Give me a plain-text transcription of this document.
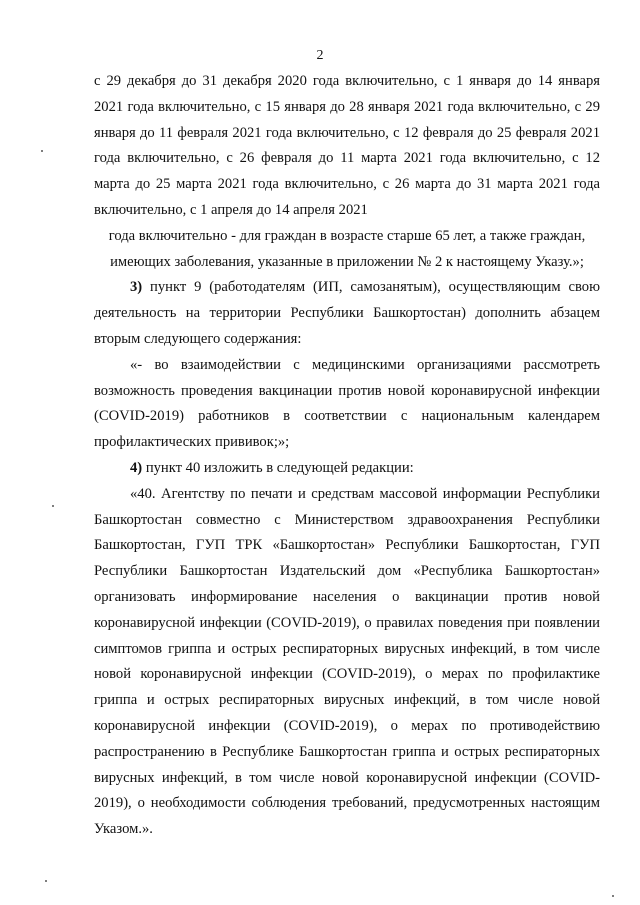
2

с 29 декабря до 31 декабря 2020 года включительно, с 1 января до 14 января 2021 года включительно, с 15 января до 28 января 2021 года включительно, с 29 января до 11 февраля 2021 года включительно, с 12 февраля до 25 февраля 2021 года включительно, с 26 февраля до 11 марта 2021 года включительно, с 12 марта до 25 марта 2021 года включительно, с 26 марта до 31 марта 2021 года включительно, с 1 апреля до 14 апреля 2021

года включительно - для граждан в возрасте старше 65 лет, а также граждан, имеющих заболевания, указанные в приложении № 2 к настоящему Указу.»;

3) пункт 9 (работодателям (ИП, самозанятым), осуществляющим свою деятельность на территории Республики Башкортостан) дополнить абзацем вторым следующего содержания:

«- во взаимодействии с медицинскими организациями рассмотреть возможность проведения вакцинации против новой коронавирусной инфекции (COVID-2019) работников в соответствии с национальным календарем профилактических прививок;»;

4) пункт 40 изложить в следующей редакции:

«40. Агентству по печати и средствам массовой информации Республики Башкортостан совместно с Министерством здравоохранения Республики Башкортостан, ГУП ТРК «Башкортостан» Республики Башкортостан, ГУП Республики Башкортостан Издательский дом «Республика Башкортостан» организовать информирование населения о вакцинации против новой коронавирусной инфекции (COVID-2019), о правилах поведения при появлении симптомов гриппа и острых респираторных вирусных инфекций, в том числе новой коронавирусной инфекции (COVID-2019), о мерах по профилактике гриппа и острых респираторных вирусных инфекций, в том числе новой коронавирусной инфекции (COVID-2019), о мерах по противодействию распространению в Республике Башкортостан гриппа и острых респираторных вирусных инфекций, в том числе новой коронавирусной инфекции (COVID-2019), о необходимости соблюдения требований, предусмотренных настоящим Указом.».
